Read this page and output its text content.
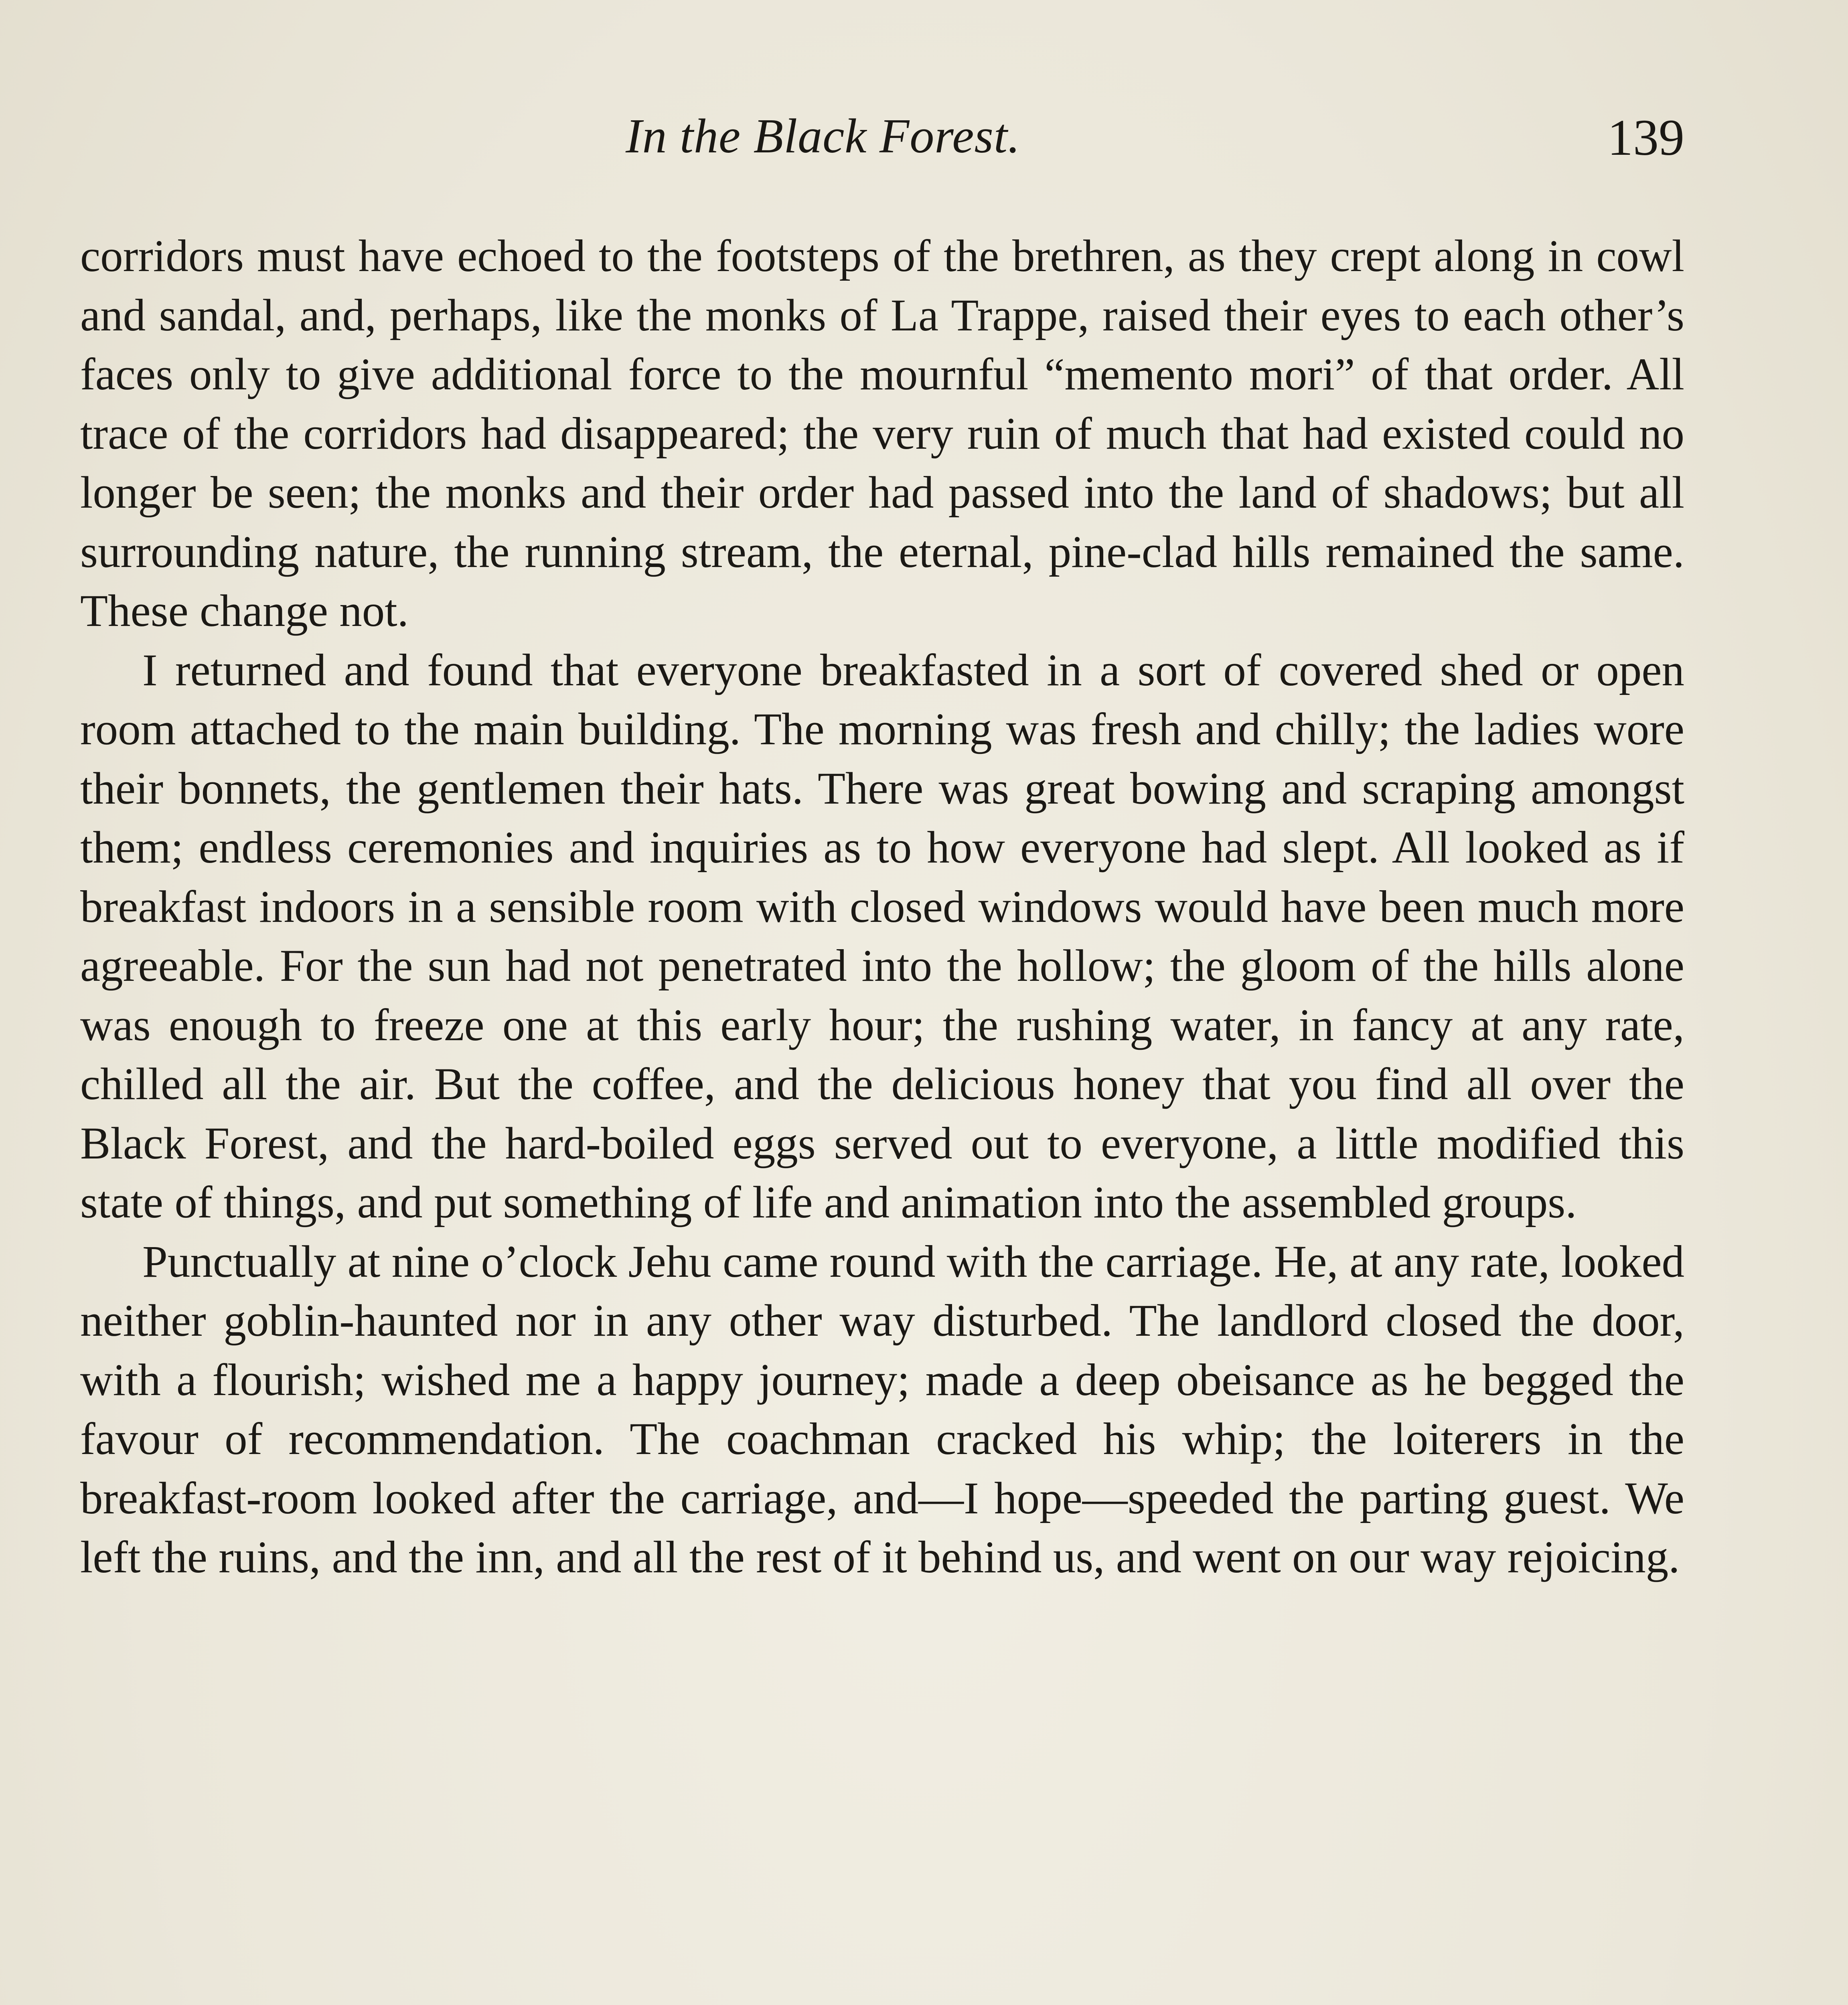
In the Black Forest.	139

corridors must have echoed to the footsteps of the brethren, as they crept along in cowl and sandal, and, perhaps, like the monks of La Trappe, raised their eyes to each other’s faces only to give additional force to the mournful “memento mori” of that order. All trace of the corridors had disappeared; the very ruin of much that had existed could no longer be seen; the monks and their order had passed into the land of shadows; but all surrounding nature, the running stream, the eternal, pine-clad hills remained the same. These change not.

I returned and found that everyone breakfasted in a sort of covered shed or open room attached to the main building. The morning was fresh and chilly; the ladies wore their bonnets, the gentlemen their hats. There was great bowing and scraping amongst them; endless ceremonies and inquiries as to how everyone had slept. All looked as if breakfast indoors in a sensible room with closed windows would have been much more agreeable. For the sun had not penetrated into the hollow; the gloom of the hills alone was enough to freeze one at this early hour; the rushing water, in fancy at any rate, chilled all the air. But the coffee, and the delicious honey that you find all over the Black Forest, and the hard-boiled eggs served out to everyone, a little modified this state of things, and put something of life and animation into the assembled groups.

Punctually at nine o’clock Jehu came round with the carriage. He, at any rate, looked neither goblin-haunted nor in any other way disturbed. The landlord closed the door, with a flourish; wished me a happy journey; made a deep obeisance as he begged the favour of recommendation. The coachman cracked his whip; the loiterers in the breakfast-room looked after the carriage, and—I hope—speeded the parting guest. We left the ruins, and the inn, and all the rest of it behind us, and went on our way rejoicing.
